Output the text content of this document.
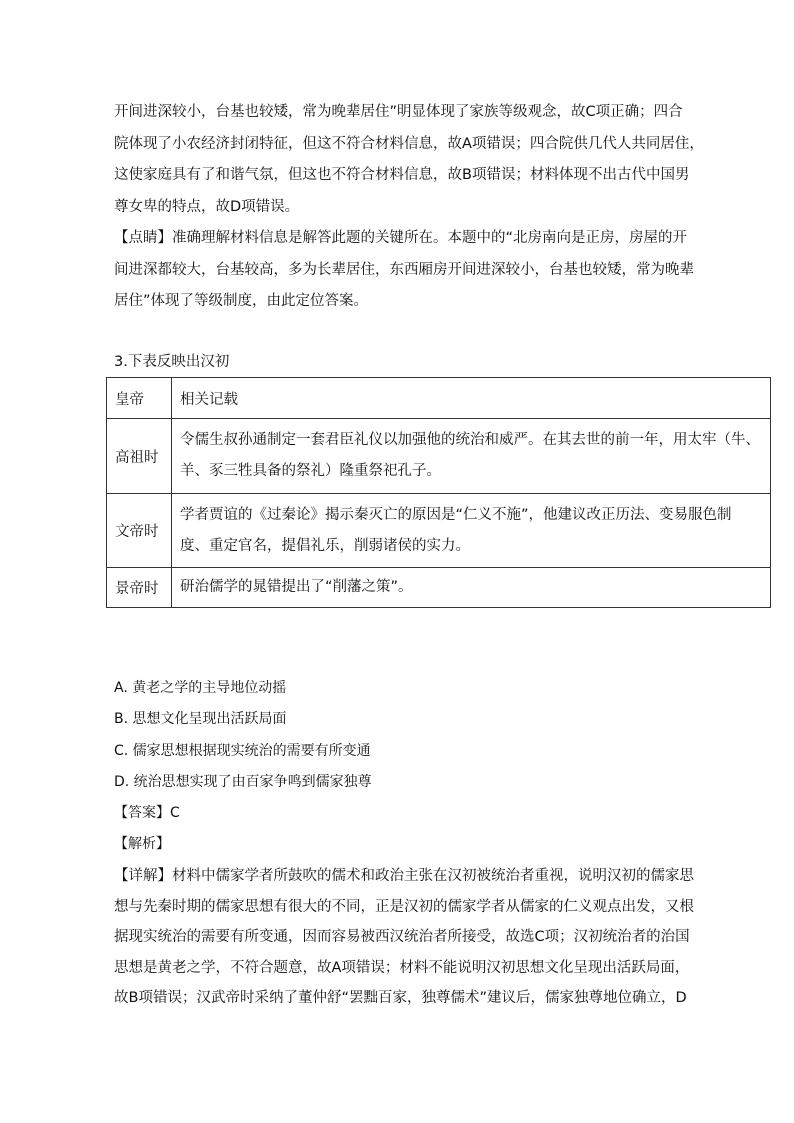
开间进深较小，台基也较矮，常为晚辈居住”明显体现了家族等级观念，故C项正确；四合
院体现了小农经济封闭特征，但这不符合材料信息，故A项错误；四合院供几代人共同居住，
这使家庭具有了和谐气氛，但这也不符合材料信息，故B项错误；材料体现不出古代中国男
尊女卑的特点，故D项错误。
【点睛】准确理解材料信息是解答此题的关键所在。本题中的“北房南向是正房，房屋的开
间进深都较大，台基较高，多为长辈居住，东西厢房开间进深较小，台基也较矮，常为晚辈
居住”体现了等级制度，由此定位答案。
3.下表反映出汉初
皇帝	相关记载
高祖时	令儒生叔孙通制定一套君臣礼仪以加强他的统治和威严。在其去世的前一年，用太牢（牛、
羊、豕三牲具备的祭礼）隆重祭祀孔子。

文帝时	学者贾谊的《过秦论》揭示秦灭亡的原因是“仁义不施”，他建议改正历法、变易服色制
度、重定官名，提倡礼乐，削弱诸侯的实力。

景帝时	研治儒学的晁错提出了“削藩之策”。
A. 黄老之学的主导地位动摇
B. 思想文化呈现出活跃局面
C. 儒家思想根据现实统治的需要有所变通
D. 统治思想实现了由百家争鸣到儒家独尊
【答案】C
【解析】
【详解】材料中儒家学者所鼓吹的儒术和政治主张在汉初被统治者重视，说明汉初的儒家思
想与先秦时期的儒家思想有很大的不同，正是汉初的儒家学者从儒家的仁义观点出发，又根
据现实统治的需要有所变通，因而容易被西汉统治者所接受，故选C项；汉初统治者的治国
思想是黄老之学，不符合题意，故A项错误；材料不能说明汉初思想文化呈现出活跃局面，
故B项错误；汉武帝时采纳了董仲舒“罢黜百家，独尊儒术”建议后，儒家独尊地位确立，D
